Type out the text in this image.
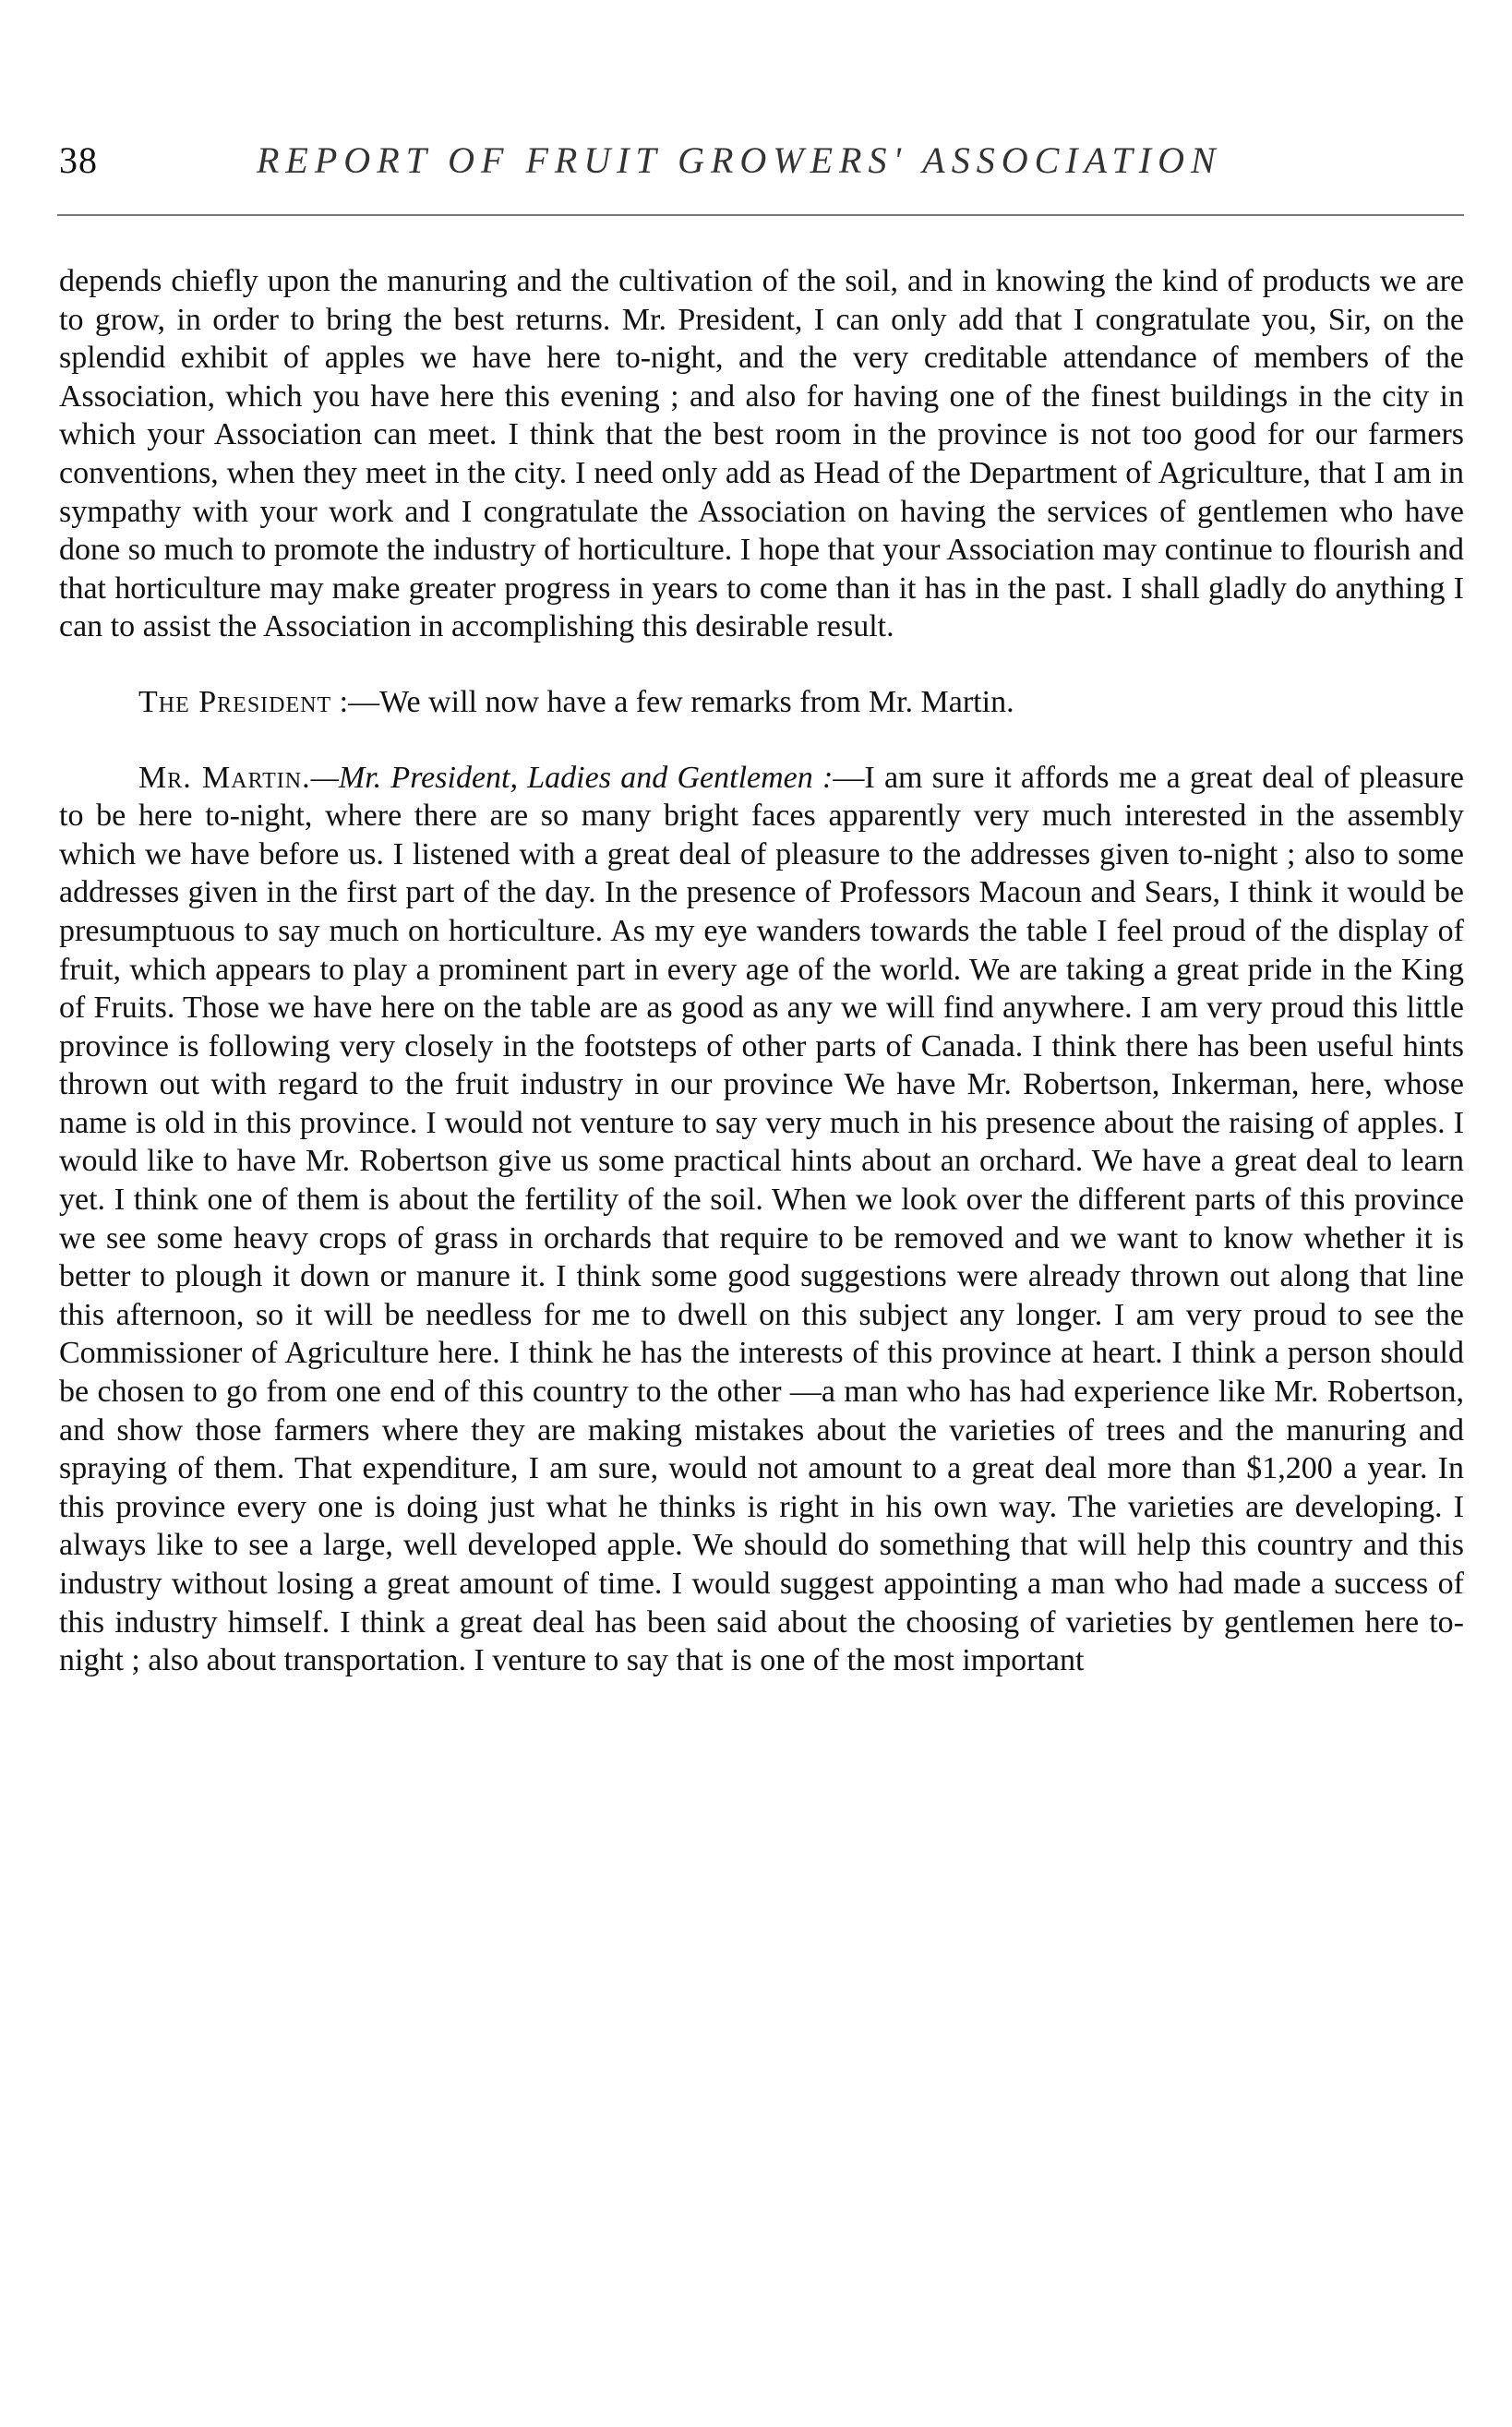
38	REPORT OF FRUIT GROWERS' ASSOCIATION

depends chiefly upon the manuring and the cultivation of the soil, and in knowing the kind of products we are to grow, in order to bring the best returns. Mr. President, I can only add that I congratulate you, Sir, on the splendid exhibit of apples we have here to-night, and the very creditable attendance of members of the Association, which you have here this evening ; and also for having one of the finest buildings in the city in which your Association can meet. I think that the best room in the province is not too good for our farmers conventions, when they meet in the city. I need only add as Head of the Department of Agriculture, that I am in sympathy with your work and I congratulate the Association on having the services of gentlemen who have done so much to promote the industry of horticulture. I hope that your Association may continue to flourish and that horticulture may make greater progress in years to come than it has in the past. I shall gladly do anything I can to assist the Association in accomplishing this desirable result.

The President :—We will now have a few remarks from Mr. Martin.

Mr. Martin.—Mr. President, Ladies and Gentlemen :—I am sure it affords me a great deal of pleasure to be here to-night, where there are so many bright faces apparently very much interested in the assembly which we have before us. I listened with a great deal of pleasure to the addresses given to-night ; also to some addresses given in the first part of the day. In the presence of Professors Macoun and Sears, I think it would be presumptuous to say much on horticulture. As my eye wanders towards the table I feel proud of the display of fruit, which appears to play a prominent part in every age of the world. We are taking a great pride in the King of Fruits. Those we have here on the table are as good as any we will find anywhere. I am very proud this little province is following very closely in the footsteps of other parts of Canada. I think there has been useful hints thrown out with regard to the fruit industry in our province We have Mr. Robertson, Inkerman, here, whose name is old in this province. I would not venture to say very much in his presence about the raising of apples. I would like to have Mr. Robertson give us some practical hints about an orchard. We have a great deal to learn yet. I think one of them is about the fertility of the soil. When we look over the different parts of this province we see some heavy crops of grass in orchards that require to be removed and we want to know whether it is better to plough it down or manure it. I think some good suggestions were already thrown out along that line this afternoon, so it will be needless for me to dwell on this subject any longer. I am very proud to see the Commissioner of Agriculture here. I think he has the interests of this province at heart. I think a person should be chosen to go from one end of this country to the other —a man who has had experience like Mr. Robertson, and show those farmers where they are making mistakes about the varieties of trees and the manuring and spraying of them. That expenditure, I am sure, would not amount to a great deal more than $1,200 a year. In this province every one is doing just what he thinks is right in his own way. The varieties are developing. I always like to see a large, well developed apple. We should do something that will help this country and this industry without losing a great amount of time. I would suggest appointing a man who had made a success of this industry himself. I think a great deal has been said about the choosing of varieties by gentlemen here to-night ; also about transportation. I venture to say that is one of the most important
